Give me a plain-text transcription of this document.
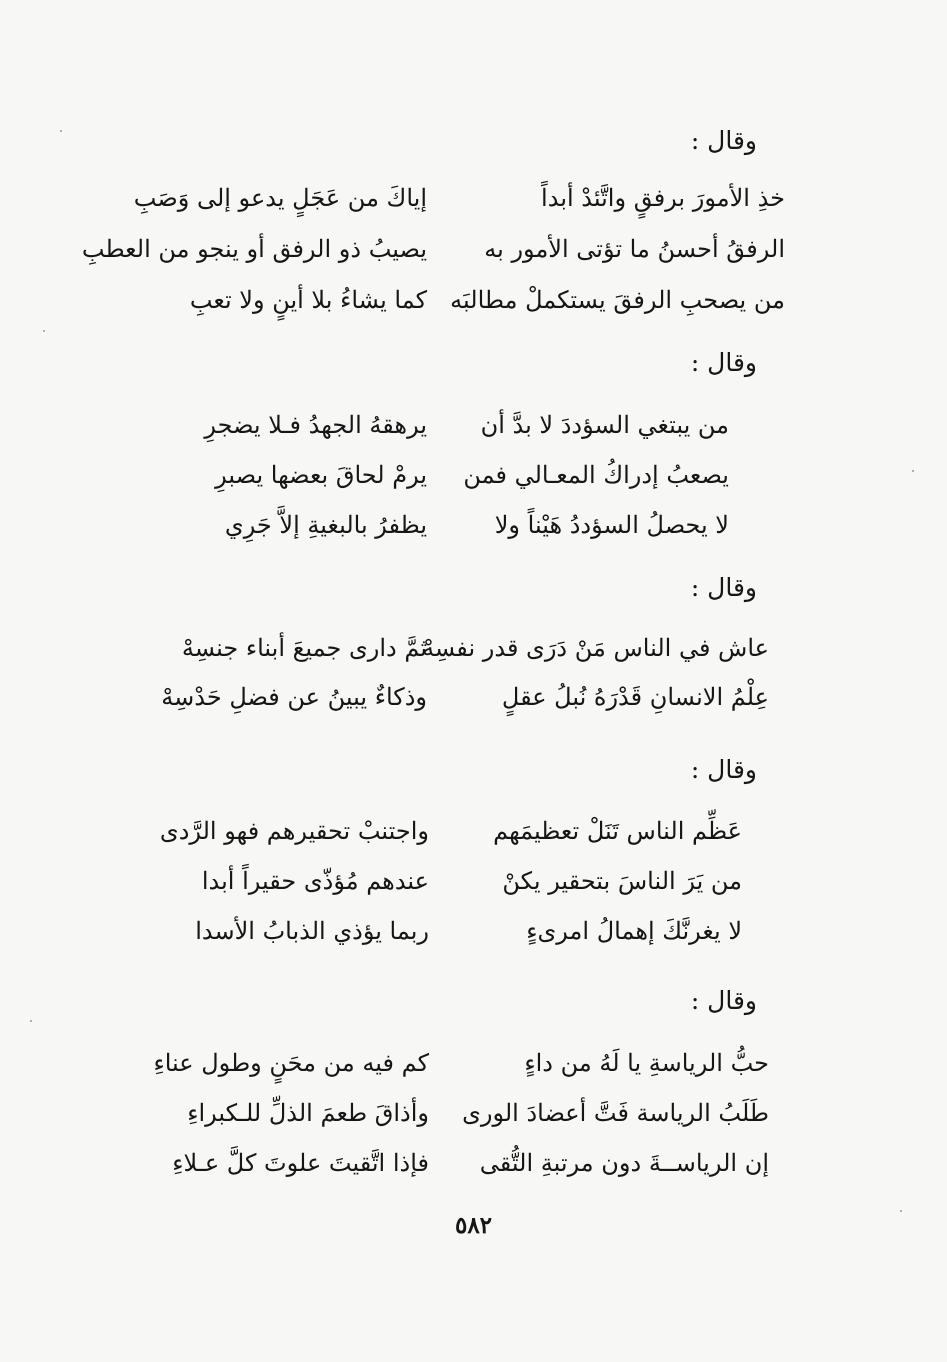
وقال :
خذِ الأمورَ برفقٍ واتَّئدْ أبداً
إياكَ من عَجَلٍ يدعو إلى وَصَبِ
الرفقُ أحسنُ ما تؤتى الأمور به
يصيبُ ذو الرفق أو ينجو من العطبِ
من يصحبِ الرفقَ يستكملْ مطالبَه
كما يشاءُ بلا أينٍ ولا تعبِ
وقال :
من يبتغي السؤددَ لا بدَّ أن
يرهقهُ الجهدُ فـلا يضجرِ
يصعبُ إدراكُ المعـالي فمن
يرمْ لحاقَ بعضها يصبرِ
لا يحصلُ السؤددُ هَيْناً ولا
يظفرُ بالبغيةِ إلاَّ جَرِي
وقال :
عاش في الناس مَنْ دَرَى قدر نفسِهْ
ثمَّ دارى جميعَ أبناء جنسِهْ
عِلْمُ الانسانِ قَدْرَهُ نُبلُ عقلٍ
وذكاءٌ يبينُ عن فضلِ حَدْسِهْ
وقال :
عَظِّم الناس تَنَلْ تعظيمَهم
واجتنبْ تحقيرهم فهو الرَّدى
من يَرَ الناسَ بتحقير يكنْ
عندهم مُؤذّى حقيراً أبدا
لا يغرنَّكَ إهمالُ امرىءٍ
ربما يؤذي الذبابُ الأسدا
وقال :
حبُّ الرياسةِ يا لَهُ من داءٍ
كم فيه من محَنٍ وطول عناءِ
طَلَبُ الرياسة فَتَّ أعضادَ الورى
وأذاقَ طعمَ الذلِّ للـكبراءِ
إن الرياســةَ دون مرتبةِ التُّقى
فإذا اتَّقيتَ علوتَ كلَّ عـلاءِ
٥٨٢
